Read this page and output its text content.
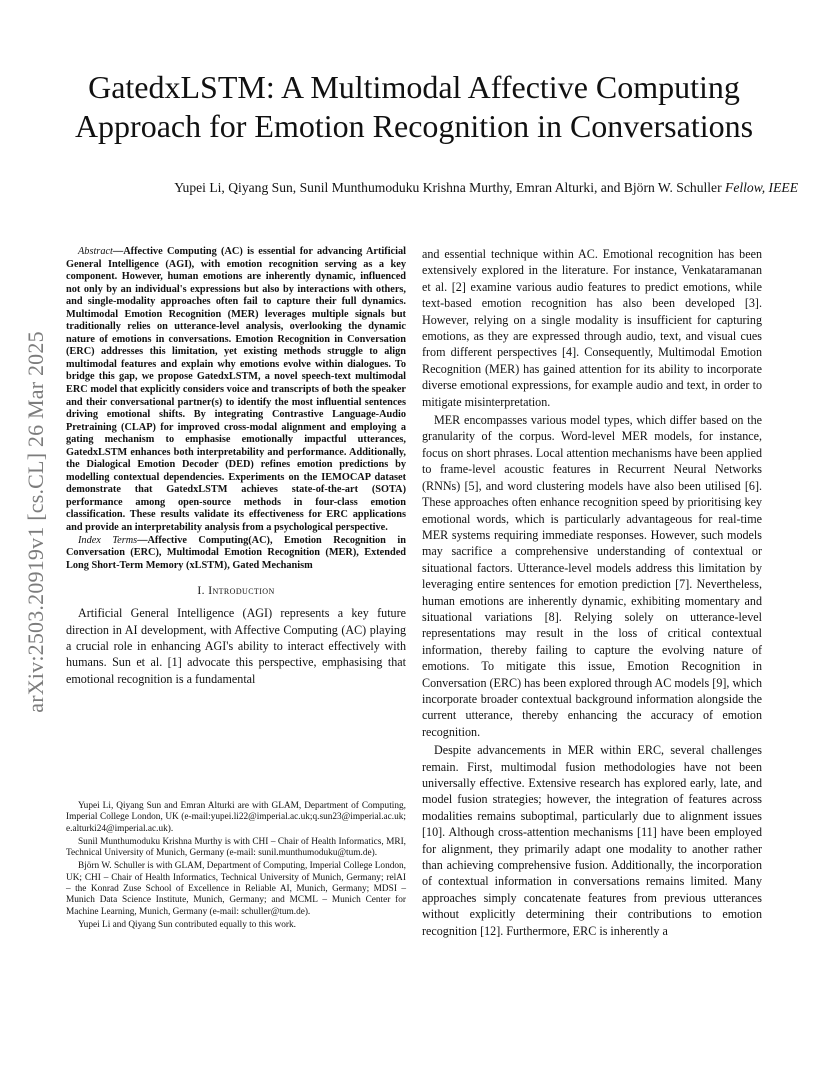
GatedxLSTM: A Multimodal Affective Computing Approach for Emotion Recognition in Conversations
Yupei Li, Qiyang Sun, Sunil Munthumoduku Krishna Murthy, Emran Alturki, and Björn W. Schuller Fellow, IEEE
arXiv:2503.20919v1 [cs.CL] 26 Mar 2025

Abstract—Affective Computing (AC) is essential for advancing Artificial General Intelligence (AGI), with emotion recognition serving as a key component. However, human emotions are inherently dynamic, influenced not only by an individual's expressions but also by interactions with others, and single-modality approaches often fail to capture their full dynamics. Multimodal Emotion Recognition (MER) leverages multiple signals but traditionally relies on utterance-level analysis, overlooking the dynamic nature of emotions in conversations. Emotion Recognition in Conversation (ERC) addresses this limitation, yet existing methods struggle to align multimodal features and explain why emotions evolve within dialogues. To bridge this gap, we propose GatedxLSTM, a novel speech-text multimodal ERC model that explicitly considers voice and transcripts of both the speaker and their conversational partner(s) to identify the most influential sentences driving emotional shifts. By integrating Contrastive Language-Audio Pretraining (CLAP) for improved cross-modal alignment and employing a gating mechanism to emphasise emotionally impactful utterances, GatedxLSTM enhances both interpretability and performance. Additionally, the Dialogical Emotion Decoder (DED) refines emotion predictions by modelling contextual dependencies. Experiments on the IEMOCAP dataset demonstrate that GatedxLSTM achieves state-of-the-art (SOTA) performance among open-source methods in four-class emotion classification. These results validate its effectiveness for ERC applications and provide an interpretability analysis from a psychological perspective.

Index Terms—Affective Computing(AC), Emotion Recognition in Conversation (ERC), Multimodal Emotion Recognition (MER), Extended Long Short-Term Memory (xLSTM), Gated Mechanism

I. Introduction

Artificial General Intelligence (AGI) represents a key future direction in AI development, with Affective Computing (AC) playing a crucial role in enhancing AGI's ability to interact effectively with humans. Sun et al. [1] advocate this perspective, emphasising that emotional recognition is a fundamental

Yupei Li, Qiyang Sun and Emran Alturki are with GLAM, Department of Computing, Imperial College London, UK (e-mail:yupei.li22@imperial.ac.uk;q.sun23@imperial.ac.uk; e.alturki24@imperial.ac.uk).

Sunil Munthumoduku Krishna Murthy is with CHI – Chair of Health Informatics, MRI, Technical University of Munich, Germany (e-mail: sunil.munthumoduku@tum.de).

Björn W. Schuller is with GLAM, Department of Computing, Imperial College London, UK; CHI – Chair of Health Informatics, Technical University of Munich, Germany; relAI – the Konrad Zuse School of Excellence in Reliable AI, Munich, Germany; MDSI – Munich Data Science Institute, Munich, Germany; and MCML – Munich Center for Machine Learning, Munich, Germany (e-mail: schuller@tum.de).

Yupei Li and Qiyang Sun contributed equally to this work.

and essential technique within AC. Emotional recognition has been extensively explored in the literature. For instance, Venkataramanan et al. [2] examine various audio features to predict emotions, while text-based emotion recognition has also been developed [3]. However, relying on a single modality is insufficient for capturing emotions, as they are expressed through audio, text, and visual cues from different perspectives [4]. Consequently, Multimodal Emotion Recognition (MER) has gained attention for its ability to incorporate diverse emotional expressions, for example audio and text, in order to mitigate misinterpretation.

MER encompasses various model types, which differ based on the granularity of the corpus. Word-level MER models, for instance, focus on short phrases. Local attention mechanisms have been applied to frame-level acoustic features in Recurrent Neural Networks (RNNs) [5], and word clustering models have also been utilised [6]. These approaches often enhance recognition speed by prioritising key emotional words, which is particularly advantageous for real-time MER systems requiring immediate responses. However, such models may sacrifice a comprehensive understanding of contextual or situational factors. Utterance-level models address this limitation by leveraging entire sentences for emotion prediction [7]. Nevertheless, human emotions are inherently dynamic, exhibiting momentary and situational variations [8]. Relying solely on utterance-level representations may result in the loss of critical contextual information, thereby failing to capture the evolving nature of emotions. To mitigate this issue, Emotion Recognition in Conversation (ERC) has been explored through AC models [9], which incorporate broader contextual background information alongside the current utterance, thereby enhancing the accuracy of emotion recognition.

Despite advancements in MER within ERC, several challenges remain. First, multimodal fusion methodologies have not been universally effective. Extensive research has explored early, late, and model fusion strategies; however, the integration of features across modalities remains suboptimal, particularly due to alignment issues [10]. Although cross-attention mechanisms [11] have been employed for alignment, they primarily adapt one modality to another rather than achieving comprehensive fusion. Additionally, the incorporation of contextual information in conversations remains limited. Many approaches simply concatenate features from previous utterances without explicitly determining their contributions to emotion recognition [12]. Furthermore, ERC is inherently a
